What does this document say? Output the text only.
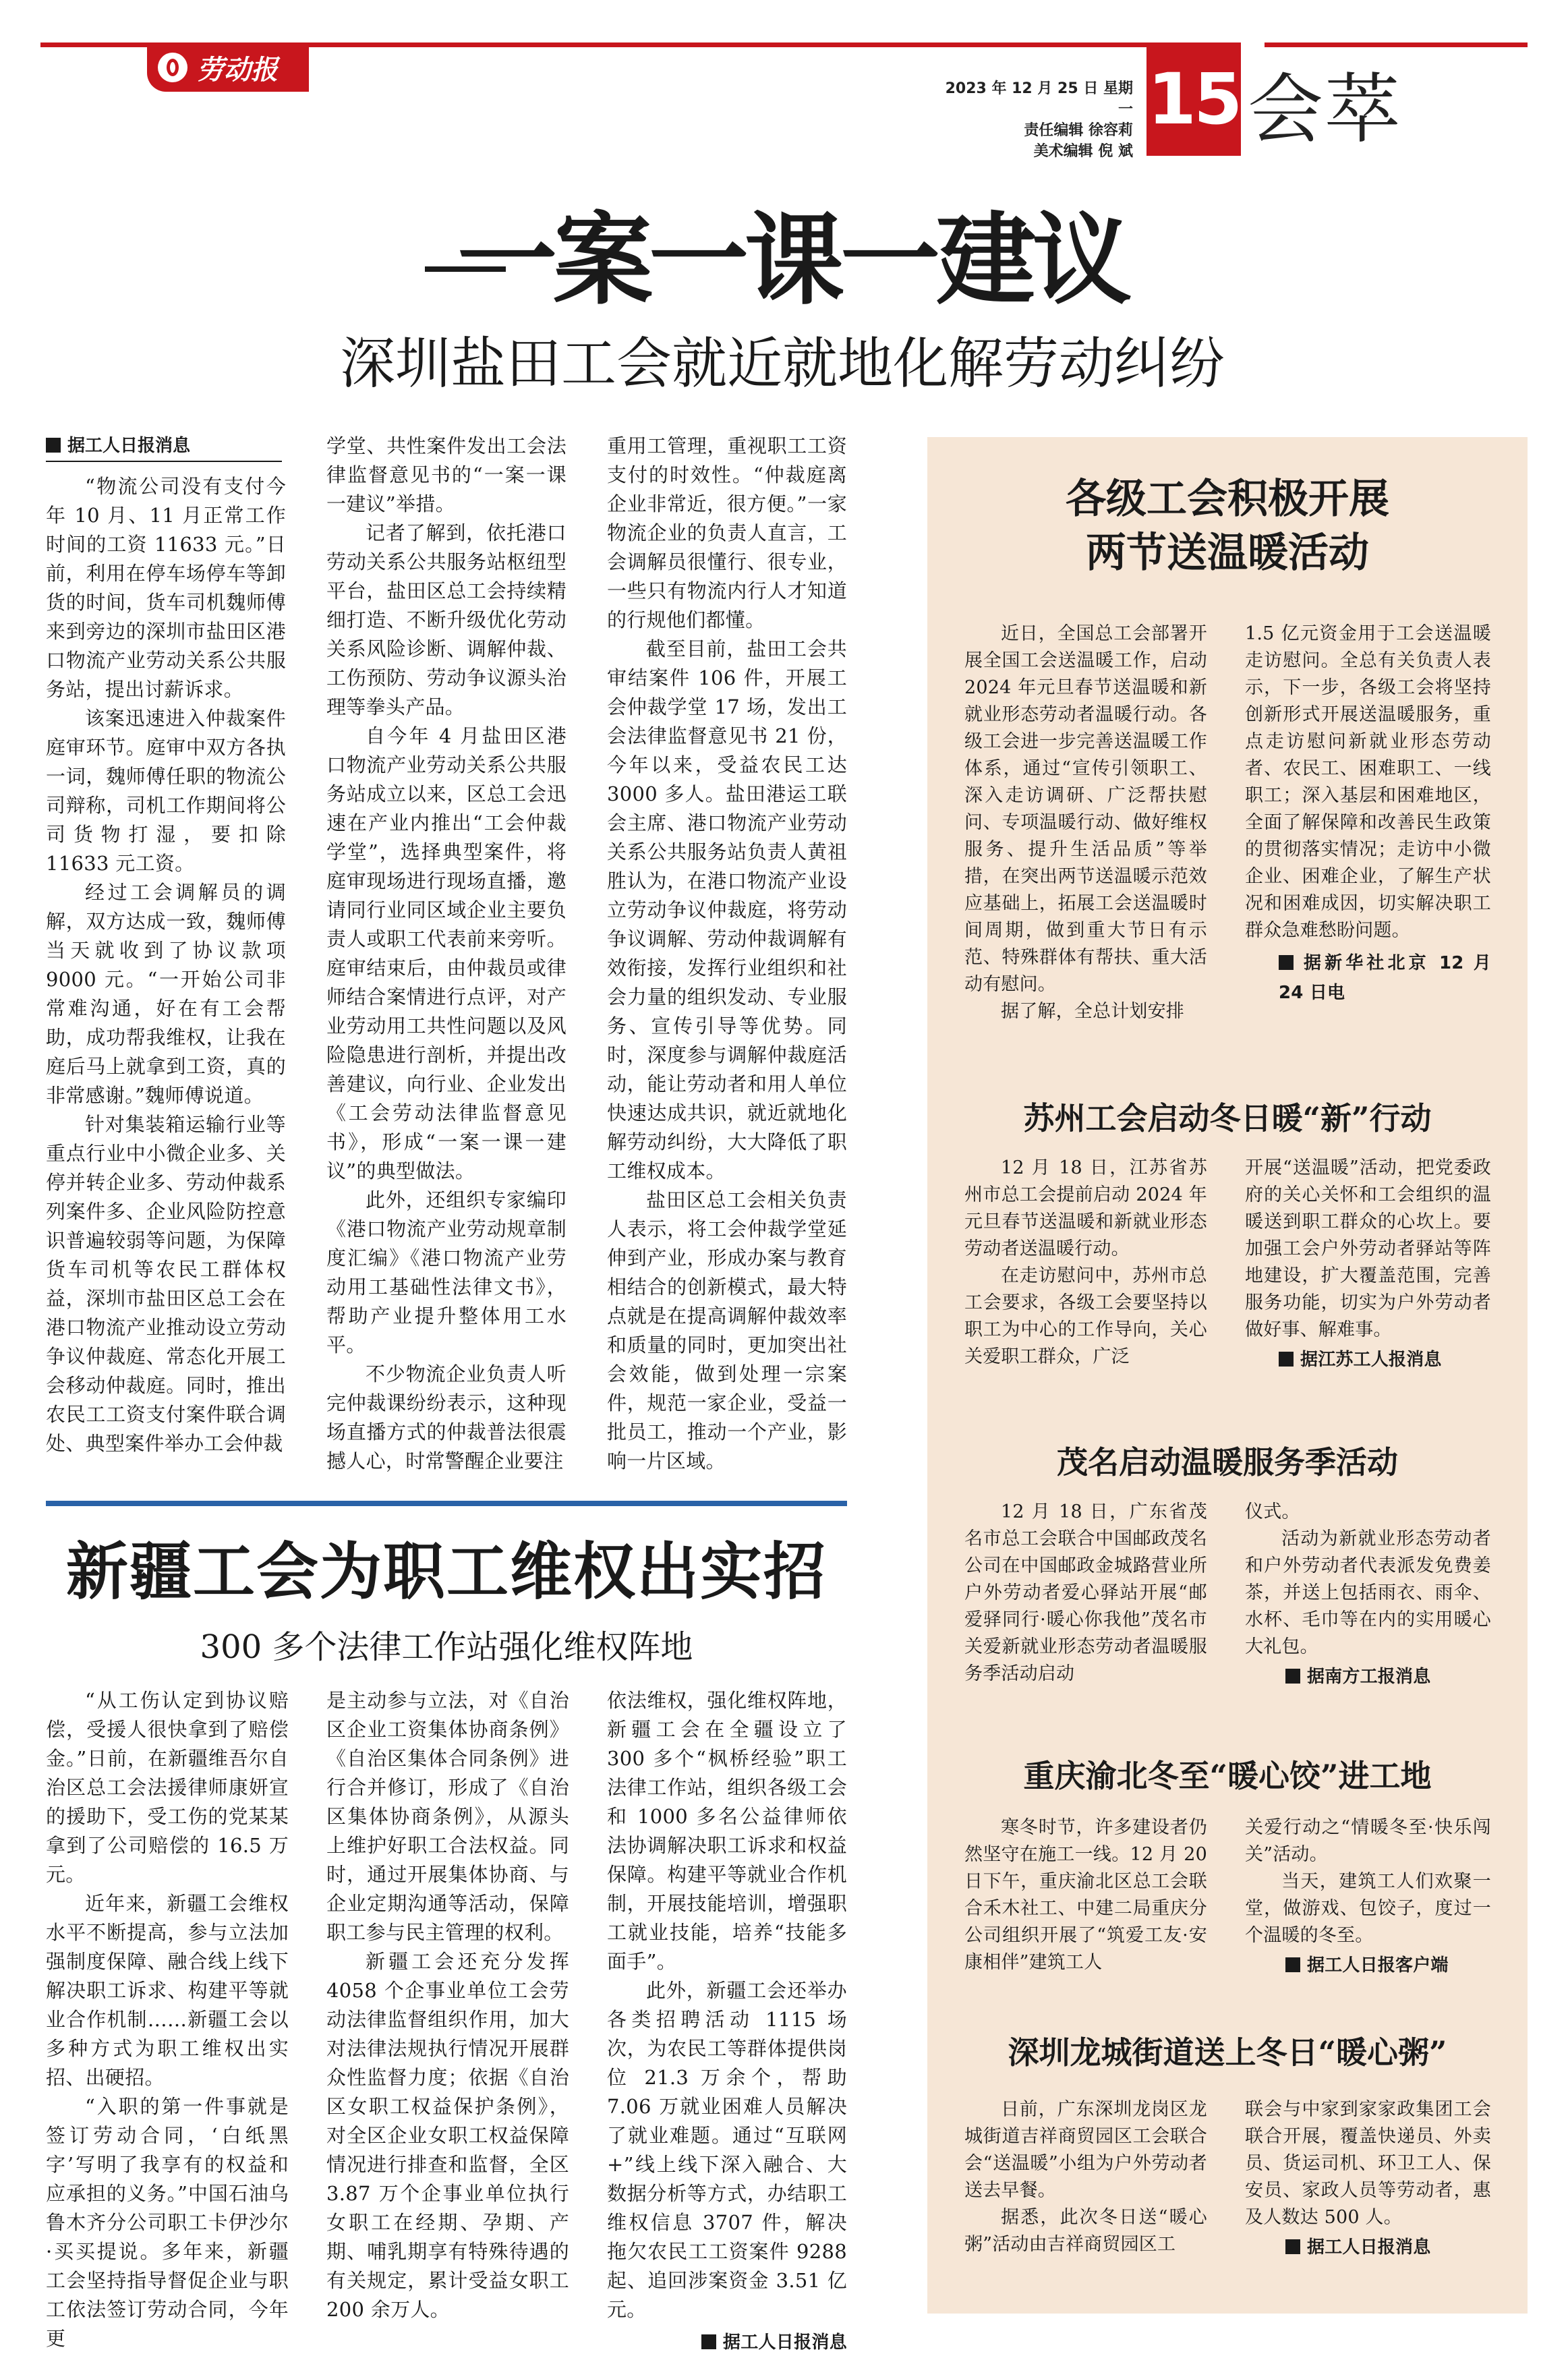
劳动报
2023 年 12 月 25 日 星期一
责任编辑 徐容莉
美术编辑 倪 斌
15 会萃
一案一课一建议
深圳盐田工会就近就地化解劳动纠纷
据工人日报消息

“物流公司没有支付今年 10 月、11 月正常工作时间的工资 11633 元。”日前，利用在停车场停车等卸货的时间，货车司机魏师傅来到旁边的深圳市盐田区港口物流产业劳动关系公共服务站，提出讨薪诉求。

该案迅速进入仲裁案件庭审环节。庭审中双方各执一词，魏师傅任职的物流公司辩称，司机工作期间将公司货物打湿，要扣除 11633 元工资。

经过工会调解员的调解，双方达成一致，魏师傅当天就收到了协议款项 9000 元。“一开始公司非常难沟通，好在有工会帮助，成功帮我维权，让我在庭后马上就拿到工资，真的非常感谢。”魏师傅说道。

针对集装箱运输行业等重点行业中小微企业多、关停并转企业多、劳动仲裁系列案件多、企业风险防控意识普遍较弱等问题，为保障货车司机等农民工群体权益，深圳市盐田区总工会在港口物流产业推动设立劳动争议仲裁庭、常态化开展工会移动仲裁庭。同时，推出农民工工资支付案件联合调处、典型案件举办工会仲裁

学堂、共性案件发出工会法律监督意见书的“一案一课一建议”举措。

记者了解到，依托港口劳动关系公共服务站枢纽型平台，盐田区总工会持续精细打造、不断升级优化劳动关系风险诊断、调解仲裁、工伤预防、劳动争议源头治理等拳头产品。

自今年 4 月盐田区港口物流产业劳动关系公共服务站成立以来，区总工会迅速在产业内推出“工会仲裁学堂”，选择典型案件，将庭审现场进行现场直播，邀请同行业同区域企业主要负责人或职工代表前来旁听。庭审结束后，由仲裁员或律师结合案情进行点评，对产业劳动用工共性问题以及风险隐患进行剖析，并提出改善建议，向行业、企业发出《工会劳动法律监督意见书》，形成“一案一课一建议”的典型做法。

此外，还组织专家编印《港口物流产业劳动规章制度汇编》《港口物流产业劳动用工基础性法律文书》，帮助产业提升整体用工水平。

不少物流企业负责人听完仲裁课纷纷表示，这种现场直播方式的仲裁普法很震撼人心，时常警醒企业要注

重用工管理，重视职工工资支付的时效性。“仲裁庭离企业非常近，很方便。”一家物流企业的负责人直言，工会调解员很懂行、很专业，一些只有物流内行人才知道的行规他们都懂。

截至目前，盐田工会共审结案件 106 件，开展工会仲裁学堂 17 场，发出工会法律监督意见书 21 份，今年以来，受益农民工达 3000 多人。盐田港运工联会主席、港口物流产业劳动关系公共服务站负责人黄祖胜认为，在港口物流产业设立劳动争议仲裁庭，将劳动争议调解、劳动仲裁调解有效衔接，发挥行业组织和社会力量的组织发动、专业服务、宣传引导等优势。同时，深度参与调解仲裁庭活动，能让劳动者和用人单位快速达成共识，就近就地化解劳动纠纷，大大降低了职工维权成本。

盐田区总工会相关负责人表示，将工会仲裁学堂延伸到产业，形成办案与教育相结合的创新模式，最大特点就是在提高调解仲裁效率和质量的同时，更加突出社会效能，做到处理一宗案件，规范一家企业，受益一批员工，推动一个产业，影响一片区域。

新疆工会为职工维权出实招
300 多个法律工作站强化维权阵地

“从工伤认定到协议赔偿，受援人很快拿到了赔偿金。”日前，在新疆维吾尔自治区总工会法援律师康妍宣的援助下，受工伤的党某某拿到了公司赔偿的 16.5 万元。

近年来，新疆工会维权水平不断提高，参与立法加强制度保障、融合线上线下解决职工诉求、构建平等就业合作机制……新疆工会以多种方式为职工维权出实招、出硬招。

“入职的第一件事就是签订劳动合同，‘白纸黑字’写明了我享有的权益和应承担的义务。”中国石油乌鲁木齐分公司职工卡伊沙尔·买买提说。多年来，新疆工会坚持指导督促企业与职工依法签订劳动合同，今年更

是主动参与立法，对《自治区企业工资集体协商条例》《自治区集体合同条例》进行合并修订，形成了《自治区集体协商条例》，从源头上维护好职工合法权益。同时，通过开展集体协商、与企业定期沟通等活动，保障职工参与民主管理的权利。

新疆工会还充分发挥 4058 个企事业单位工会劳动法律监督组织作用，加大对法律法规执行情况开展群众性监督力度；依据《自治区女职工权益保护条例》，对全区企业女职工权益保障情况进行排查和监督，全区 3.87 万个企事业单位执行女职工在经期、孕期、产期、哺乳期享有特殊待遇的有关规定，累计受益女职工 200 余万人。

依法维权，强化维权阵地，新疆工会在全疆设立了 300 多个“枫桥经验”职工法律工作站，组织各级工会和 1000 多名公益律师依法协调解决职工诉求和权益保障。构建平等就业合作机制，开展技能培训，增强职工就业技能，培养“技能多面手”。

此外，新疆工会还举办各类招聘活动 1115 场次，为农民工等群体提供岗位 21.3 万余个，帮助 7.06 万就业困难人员解决了就业难题。通过“互联网+”线上线下深入融合、大数据分析等方式，办结职工维权信息 3707 件，解决拖欠农民工工资案件 9288 起、追回涉案资金 3.51 亿元。

据工人日报消息
各级工会积极开展
两节送温暖活动

近日，全国总工会部署开展全国工会送温暖工作，启动 2024 年元旦春节送温暖和新就业形态劳动者温暖行动。各级工会进一步完善送温暖工作体系，通过“宣传引领职工、深入走访调研、广泛帮扶慰问、专项温暖行动、做好维权服务、提升生活品质”等举措，在突出两节送温暖示范效应基础上，拓展工会送温暖时间周期，做到重大节日有示范、特殊群体有帮扶、重大活动有慰问。

据了解，全总计划安排

1.5 亿元资金用于工会送温暖走访慰问。全总有关负责人表示，下一步，各级工会将坚持创新形式开展送温暖服务，重点走访慰问新就业形态劳动者、农民工、困难职工、一线职工；深入基层和困难地区，全面了解保障和改善民生政策的贯彻落实情况；走访中小微企业、困难企业，了解生产状况和困难成因，切实解决职工群众急难愁盼问题。

据新华社北京 12 月 24 日电
苏州工会启动冬日暖“新”行动

12 月 18 日，江苏省苏州市总工会提前启动 2024 年元旦春节送温暖和新就业形态劳动者送温暖行动。

在走访慰问中，苏州市总工会要求，各级工会要坚持以职工为中心的工作导向，关心关爱职工群众，广泛

开展“送温暖”活动，把党委政府的关心关怀和工会组织的温暖送到职工群众的心坎上。要加强工会户外劳动者驿站等阵地建设，扩大覆盖范围，完善服务功能，切实为户外劳动者做好事、解难事。

据江苏工人报消息
茂名启动温暖服务季活动

12 月 18 日，广东省茂名市总工会联合中国邮政茂名公司在中国邮政金城路营业所户外劳动者爱心驿站开展“邮爱驿同行·暖心你我他”茂名市关爱新就业形态劳动者温暖服务季活动启动

仪式。

活动为新就业形态劳动者和户外劳动者代表派发免费姜茶，并送上包括雨衣、雨伞、水杯、毛巾等在内的实用暖心大礼包。

据南方工报消息
重庆渝北冬至“暖心饺”进工地

寒冬时节，许多建设者仍然坚守在施工一线。12 月 20 日下午，重庆渝北区总工会联合禾木社工、中建二局重庆分公司组织开展了“筑爱工友·安康相伴”建筑工人

关爱行动之“情暖冬至·快乐闯关”活动。

当天，建筑工人们欢聚一堂，做游戏、包饺子，度过一个温暖的冬至。

据工人日报客户端
深圳龙城街道送上冬日“暖心粥”

日前，广东深圳龙岗区龙城街道吉祥商贸园区工会联合会“送温暖”小组为户外劳动者送去早餐。

据悉，此次冬日送“暖心粥”活动由吉祥商贸园区工

联会与中家到家家政集团工会联合开展，覆盖快递员、外卖员、货运司机、环卫工人、保安员、家政人员等劳动者，惠及人数达 500 人。

据工人日报消息
